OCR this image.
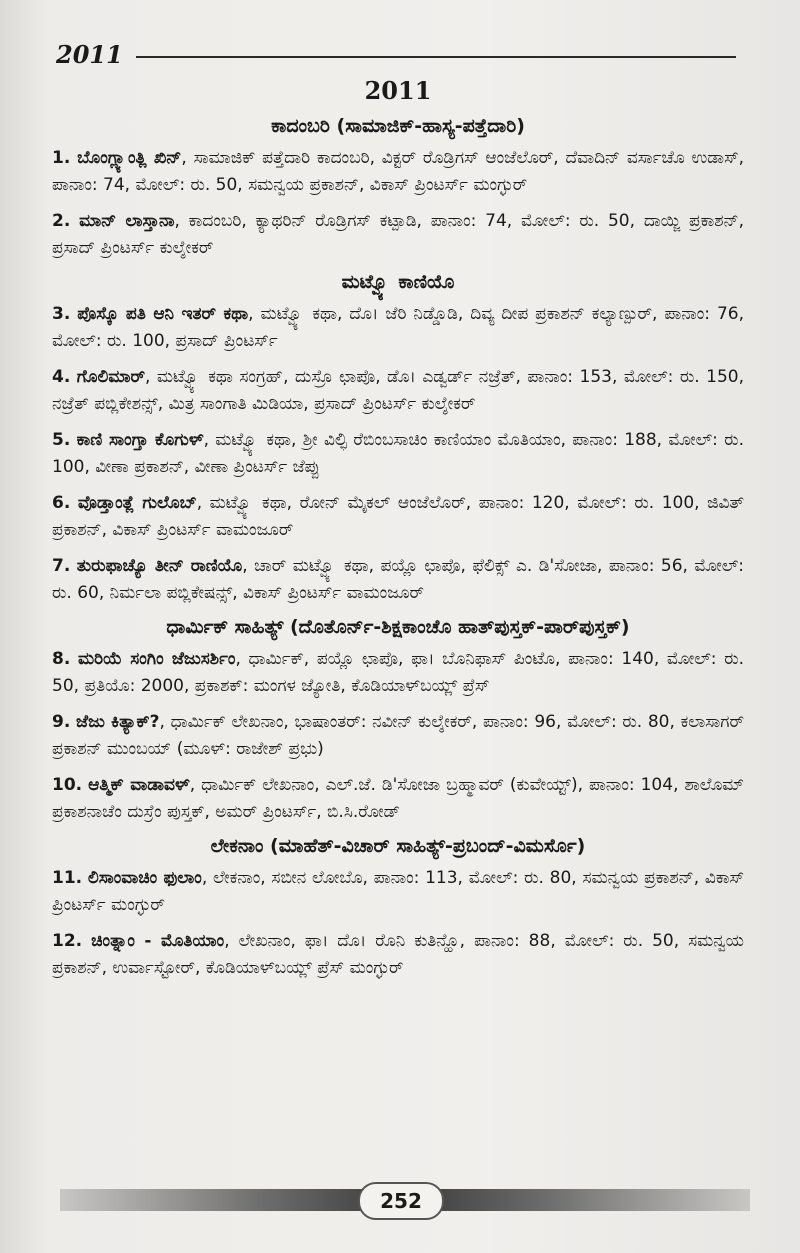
2011
2011
ಕಾದಂಬರಿ (ಸಾಮಾಜಿಕ್-ಹಾಸ್ಯ-ಪತ್ತೆದಾರಿ)

1. ಬೊಂಗ್ಲ್ಯಾಂತ್ಲಿ ಖಿನ್, ಸಾಮಾಜಿಕ್ ಪತ್ತೆದಾರಿ ಕಾದಂಬರಿ, ವಿಕ್ಟರ್ ರೊಡ್ರಿಗಸ್ ಆಂಜೆಲೊರ್, ದೆವಾದಿನ್ ವರ್ಸಾಚೊ ಉಡಾಸ್, ಪಾನಾಂ: 74, ಮೋಲ್: ರು. 50, ಸಮನ್ವಯ ಪ್ರಕಾಶನ್, ವಿಕಾಸ್ ಪ್ರಿಂಟರ್ಸ್ ಮಂಗ್ಳುರ್

2. ಮಾನ್ ಲಾಸ್ತಾನಾ, ಕಾದಂಬರಿ, ಕ್ಯಾಥರಿನ್ ರೊಡ್ರಿಗಸ್ ಕಟ್ಪಾಡಿ, ಪಾನಾಂ: 74, ಮೋಲ್: ರು. 50, ದಾಯ್ಜಿ ಪ್ರಕಾಶನ್, ಪ್ರಸಾದ್ ಪ್ರಿಂಟರ್ಸ್ ಕುಲ್ಶೇಕರ್

ಮಟ್ವ್ಯೊ ಕಾಣಿಯೊ

3. ಪೊಸ್ಕೊ ಪತಿ ಆನಿ ಇತರ್ ಕಥಾ, ಮಟ್ವ್ಯೊ ಕಥಾ, ದೊ। ಜೆರಿ ನಿಡ್ಡೊಡಿ, ದಿವ್ಯ ದೀಪ ಪ್ರಕಾಶನ್ ಕಲ್ಯಾಣ್ಪುರ್, ಪಾನಾಂ: 76, ಮೋಲ್: ರು. 100, ಪ್ರಸಾದ್ ಪ್ರಿಂಟರ್ಸ್

4. ಗೊಲಿಮಾರ್, ಮಟ್ವ್ಯೊ ಕಥಾ ಸಂಗ್ರಹ್, ದುಸ್ರೊ ಛಾಪೊ, ಡೊ। ಎಡ್ವರ್ಡ್ ನಜ್ರೆತ್, ಪಾನಾಂ: 153, ಮೋಲ್: ರು. 150, ನಜ್ರೆತ್ ಪಬ್ಲಿಕೇಶನ್ಸ್, ಮಿತ್ರ ಸಾಂಗಾತಿ ಮಿಡಿಯಾ, ಪ್ರಸಾದ್ ಪ್ರಿಂಟರ್ಸ್ ಕುಲ್ಶೇಕರ್

5. ಕಾಣಿ ಸಾಂಗ್ತಾ ಕೊಗುಳ್, ಮಟ್ವ್ಯೊ ಕಥಾ, ಶ್ರೀ ವಿಲ್ಫಿ ರೆಬಿಂಬಸಾಚಿಂ ಕಾಣಿಯಾಂ ಮೊತಿಯಾಂ, ಪಾನಾಂ: 188, ಮೋಲ್: ರು. 100, ವೀಣಾ ಪ್ರಕಾಶನ್, ವೀಣಾ ಪ್ರಿಂಟರ್ಸ್ ಜೆಪ್ಪು

6. ವೊಡ್ತಾಂತ್ಲೆ ಗುಲೊಬ್, ಮಟ್ವ್ಯೊ ಕಥಾ, ರೋನ್ ಮೈಕಲ್ ಆಂಜೆಲೊರ್, ಪಾನಾಂ: 120, ಮೋಲ್: ರು. 100, ಜಿವಿತ್ ಪ್ರಕಾಶನ್, ವಿಕಾಸ್ ಪ್ರಿಂಟರ್ಸ್ ವಾಮಂಜೂರ್

7. ತುರುಫಾಚ್ಯೊ ತೀನ್ ರಾಣಿಯೊ, ಚಾರ್ ಮಟ್ವ್ಯೊ ಕಥಾ, ಪಯ್ಲೊ ಛಾಪೊ, ಫೆಲಿಕ್ಸ್ ಎ. ಡಿ'ಸೋಜಾ, ಪಾನಾಂ: 56, ಮೋಲ್: ರು. 60, ನಿರ್ಮಲಾ ಪಬ್ಲಿಕೇಷನ್ಸ್, ವಿಕಾಸ್ ಪ್ರಿಂಟರ್ಸ್ ವಾಮಂಜೂರ್

ಧಾರ್ಮಿಕ್ ಸಾಹಿತ್ಯ್ (ದೊತೊರ್ನ್-ಶಿಕ್ಷಕಾಂಚೊ ಹಾತ್‌ಪುಸ್ತಕ್-ಪಾರ್‌ಪುಸ್ತಕ್)

8. ಮರಿಯೆ ಸಂಗಿಂ ಜೆಜುಸರ್ಶಿಂ, ಧಾರ್ಮಿಕ್, ಪಯ್ಲೊ ಛಾಪೊ, ಫಾ। ಬೊನಿಫಾಸ್ ಪಿಂಟೊ, ಪಾನಾಂ: 140, ಮೋಲ್: ರು. 50, ಪ್ರತಿಯೊ: 2000, ಪ್ರಕಾಶಕ್: ಮಂಗಳ ಜ್ಯೋತಿ, ಕೊಡಿಯಾಳ್‌ಬಯ್ಲ್ ಪ್ರೆಸ್

9. ಜೆಜು ಕಿತ್ಯಾಕ್?, ಧಾರ್ಮಿಕ್ ಲೇಖನಾಂ, ಭಾಷಾಂತರ್: ನವೀನ್ ಕುಲ್ಶೇಕರ್, ಪಾನಾಂ: 96, ಮೋಲ್: ರು. 80, ಕಲಾಸಾಗರ್ ಪ್ರಕಾಶನ್ ಮುಂಬಯ್ (ಮೂಳ್: ರಾಜೇಶ್ ಪ್ರಭು)

10. ಆತ್ಮಿಕ್ ವಾಡಾವಳ್, ಧಾರ್ಮಿಕ್ ಲೇಖನಾಂ, ಎಲ್.ಜೆ. ಡಿ'ಸೋಜಾ ಬ್ರಹ್ಮಾವರ್ (ಕುವೇಯ್ಟ್), ಪಾನಾಂ: 104, ಶಾಲೊಮ್ ಪ್ರಕಾಶನಾಚೆಂ ದುಸ್ರೆಂ ಪುಸ್ತಕ್, ಅಮರ್ ಪ್ರಿಂಟರ್ಸ್, ಬಿ.ಸಿ.ರೋಡ್

ಲೇಕನಾಂ (ಮಾಹೆತ್-ವಿಚಾರ್ ಸಾಹಿತ್ಯ್-ಪ್ರಬಂದ್-ವಿಮರ್ಸೊ)

11. ಲಿಸಾಂವಾಚಿಂ ಫುಲಾಂ, ಲೇಕನಾಂ, ಸಬೀನ ಲೋಬೊ, ಪಾನಾಂ: 113, ಮೋಲ್: ರು. 80, ಸಮನ್ವಯ ಪ್ರಕಾಶನ್, ವಿಕಾಸ್ ಪ್ರಿಂಟರ್ಸ್ ಮಂಗ್ಳುರ್

12. ಚಿಂತ್ನಾಂ - ಮೊತಿಯಾಂ, ಲೇಖನಾಂ, ಫಾ। ದೊ। ರೊನಿ ಕುತಿನ್ಹೊ, ಪಾನಾಂ: 88, ಮೋಲ್: ರು. 50, ಸಮನ್ವಯ ಪ್ರಕಾಶನ್, ಉರ್ವಾಸ್ಟೋರ್, ಕೊಡಿಯಾಳ್‌ಬಯ್ಲ್ ಪ್ರೆಸ್ ಮಂಗ್ಳುರ್

252
